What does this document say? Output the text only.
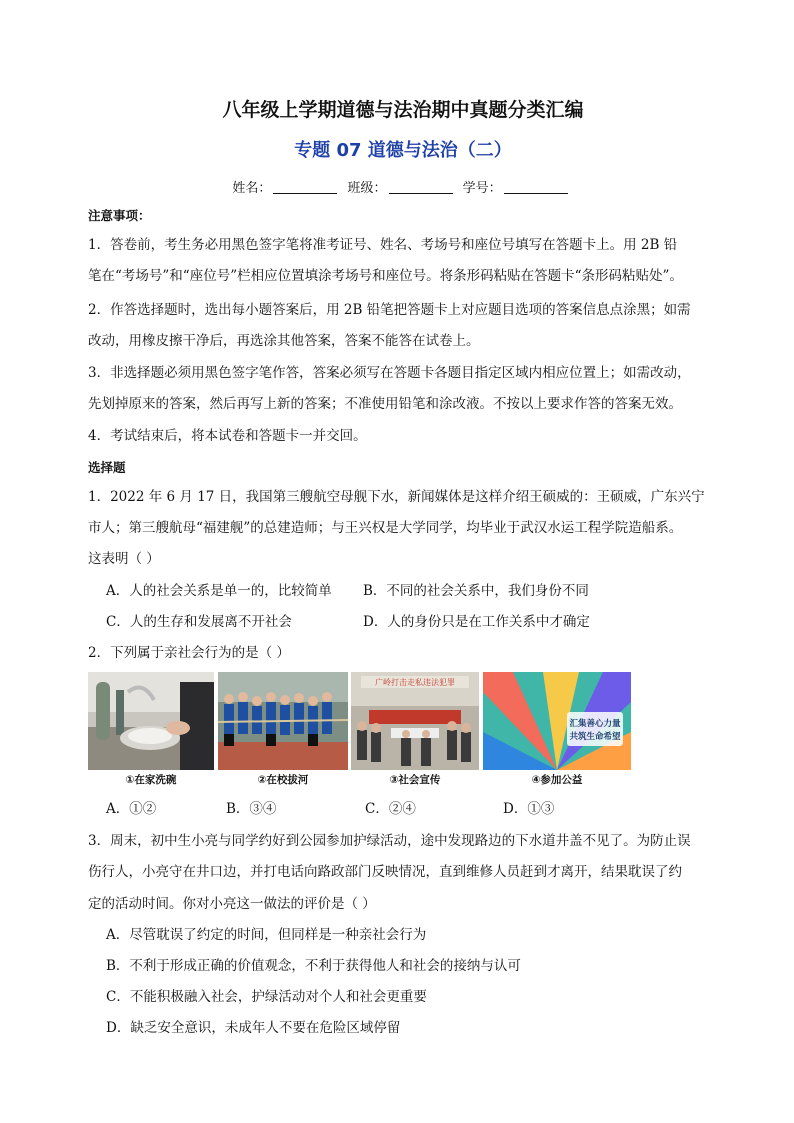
八年级上学期道德与法治期中真题分类汇编
专题 07 道德与法治（二）
姓名：	班级：	学号：
注意事项：
1．答卷前，考生务必用黑色签字笔将准考证号、姓名、考场号和座位号填写在答题卡上。用 2B 铅
笔在“考场号”和“座位号”栏相应位置填涂考场号和座位号。将条形码粘贴在答题卡“条形码粘贴处”。
2．作答选择题时，选出每小题答案后，用 2B 铅笔把答题卡上对应题目选项的答案信息点涂黑；如需
改动，用橡皮擦干净后，再选涂其他答案，答案不能答在试卷上。
3．非选择题必须用黑色签字笔作答，答案必须写在答题卡各题目指定区域内相应位置上；如需改动，
先划掉原来的答案，然后再写上新的答案；不准使用铅笔和涂改液。不按以上要求作答的答案无效。
4．考试结束后，将本试卷和答题卡一并交回。
选择题
1．2022 年 6 月 17 日，我国第三艘航空母舰下水，新闻媒体是这样介绍王硕威的：王硕威，广东兴宁
市人；第三艘航母“福建舰”的总建造师；与王兴权是大学同学，均毕业于武汉水运工程学院造船系。
这表明（ ）
A．人的社会关系是单一的，比较简单 B．不同的社会关系中，我们身份不同
C．人的生存和发展离不开社会	D．人的身份只是在工作关系中才确定
2．下列属于亲社会行为的是（ ）
①在家洗碗	②在校拔河
广岭打击走私违法犯罪
③社会宣传
汇集善心力量
共筑生命希望
④参加公益
A．①②	B．③④	C．②④	D．①③
3．周末，初中生小亮与同学约好到公园参加护绿活动，途中发现路边的下水道井盖不见了。为防止误
伤行人，小亮守在井口边，并打电话向路政部门反映情况，直到维修人员赶到才离开，结果耽误了约
定的活动时间。你对小亮这一做法的评价是（ ）
A．尽管耽误了约定的时间，但同样是一种亲社会行为
B．不利于形成正确的价值观念，不利于获得他人和社会的接纳与认可
C．不能积极融入社会，护绿活动对个人和社会更重要
D．缺乏安全意识，未成年人不要在危险区域停留
